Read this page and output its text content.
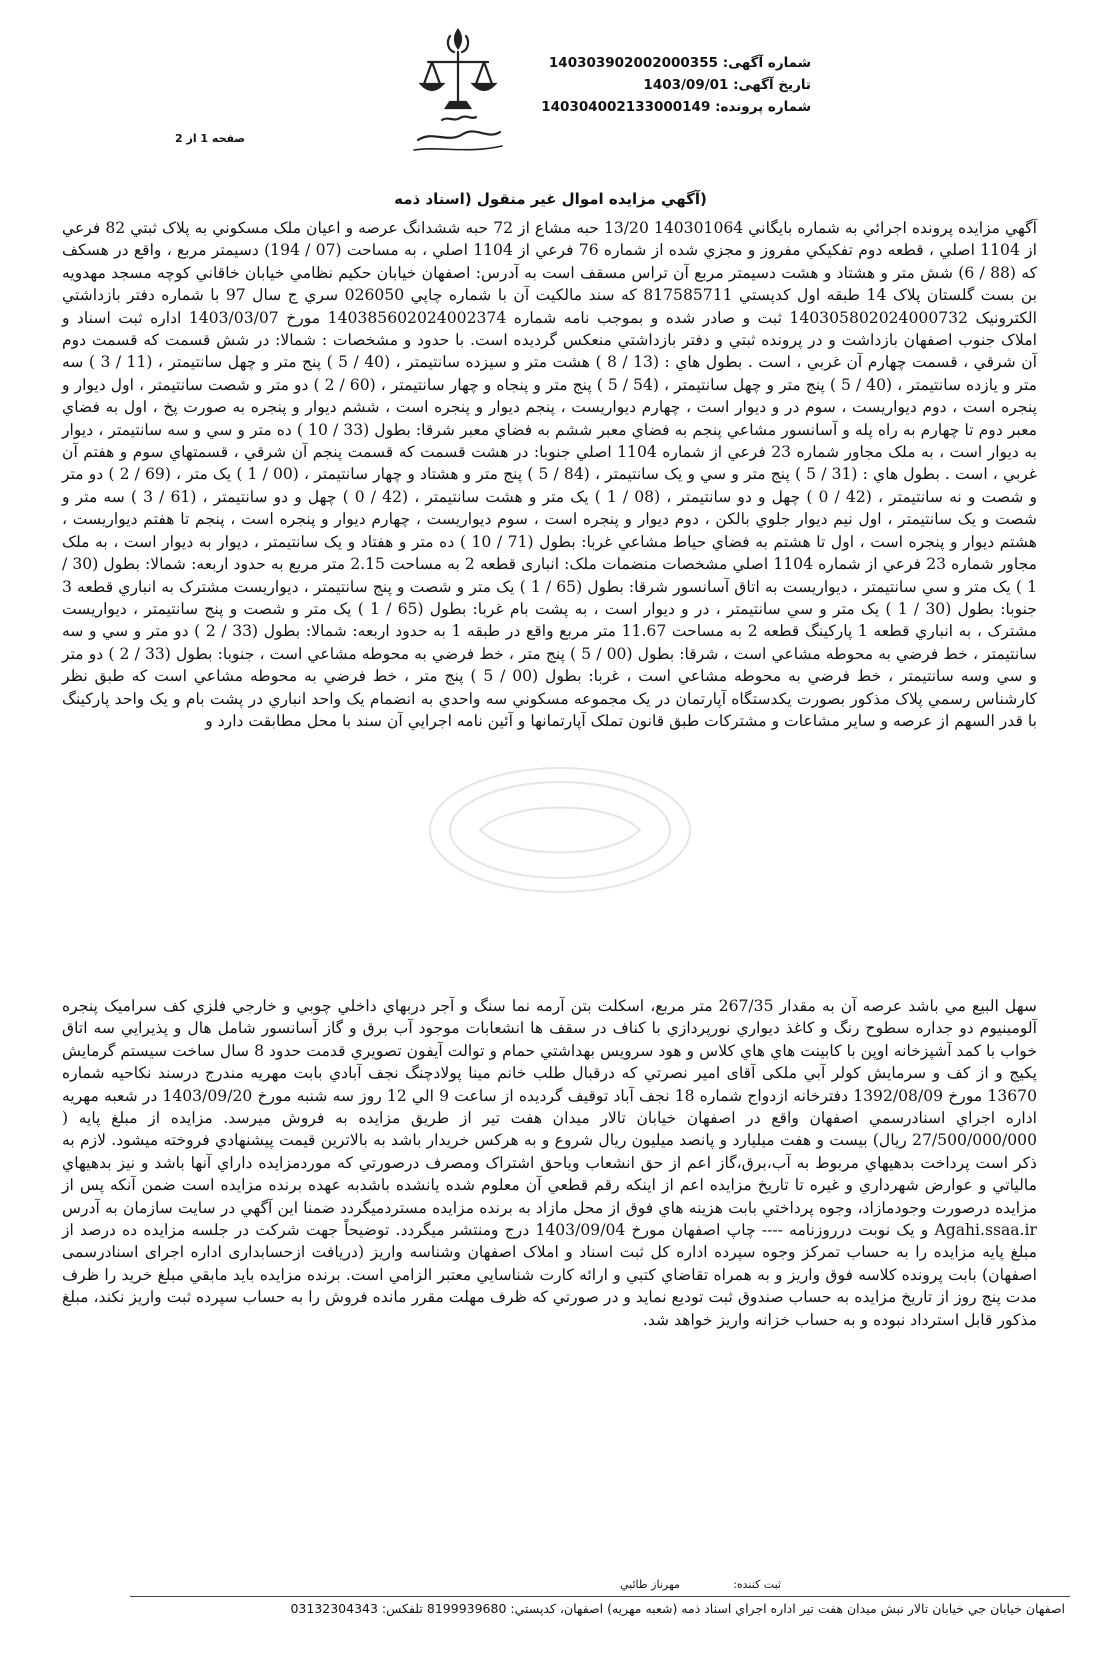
شماره آگهی: 140303902002000355
تاریخ آگهی: 1403/09/01
شماره پرونده: 140304002133000149
صفحه 1 از 2
(آگهي مزايده اموال غير منقول (اسناد ذمه
آگهي مزايده پرونده اجرائي به شماره بايگاني 140301064 13/20 حبه مشاع از 72 حبه ششدانگ عرصه و اعيان ملک مسکوني به پلاک ثبتي 82 فرعي از 1104 اصلي ، قطعه دوم تفکيکي مفروز و مجزي شده از شماره 76 فرعي از 1104 اصلي ، به مساحت (07 / 194) دسيمتر مربع ، واقع در هسکف که (88 / 6) شش متر و هشتاد و هشت دسيمتر مربع آن تراس مسقف است به آدرس: اصفهان خيابان حکيم نظامي خيابان خاقاني کوچه مسجد مهدويه بن بست گلستان پلاک 14 طبقه اول کدپستي 817585711 که سند مالکيت آن با شماره چاپي 026050 سري ج سال 97 با شماره دفتر بازداشتي الکترونيک 140305802024000732 ثبت و صادر شده و بموجب نامه شماره 140385602024002374 مورخ 1403/03/07 اداره ثبت اسناد و املاک جنوب اصفهان بازداشت و در پرونده ثبتي و دفتر بازداشتي منعکس گرديده است. با حدود و مشخصات : شمالا: در شش قسمت که قسمت دوم آن شرقي ، قسمت چهارم آن غربي ، است . بطول هاي : (13 / 8 ) هشت متر و سيزده سانتيمتر ، (40 / 5 ) پنج متر و چهل سانتيمتر ، (11 / 3 ) سه متر و يازده سانتيمتر ، (40 / 5 ) پنج متر و چهل سانتيمتر ، (54 / 5 ) پنج متر و پنجاه و چهار سانتيمتر ، (60 / 2 ) دو متر و شصت سانتيمتر ، اول ديوار و پنجره است ، دوم ديواريست ، سوم در و ديوار است ، چهارم ديواريست ، پنجم ديوار و پنجره است ، ششم ديوار و پنجره به صورت پخ ، اول به فضاي معبر دوم تا چهارم به راه پله و آسانسور مشاعي پنجم به فضاي معبر ششم به فضاي معبر شرقا: بطول (33 / 10 ) ده متر و سي و سه سانتيمتر ، ديوار به ديوار است ، به ملک مجاور شماره 23 فرعي از شماره 1104 اصلي جنوبا: در هشت قسمت که قسمت پنجم آن شرقي ، قسمتهاي سوم و هفتم آن غربي ، است . بطول هاي : (31 / 5 ) پنج متر و سي و يک سانتيمتر ، (84 / 5 ) پنج متر و هشتاد و چهار سانتيمتر ، (00 / 1 ) يک متر ، (69 / 2 ) دو متر و شصت و نه سانتيمتر ، (42 / 0 ) چهل و دو سانتيمتر ، (08 / 1 ) يک متر و هشت سانتيمتر ، (42 / 0 ) چهل و دو سانتيمتر ، (61 / 3 ) سه متر و شصت و يک سانتيمتر ، اول نيم ديوار جلوي بالکن ، دوم ديوار و پنجره است ، سوم ديواريست ، چهارم ديوار و پنجره است ، پنجم تا هفتم ديواريست ، هشتم ديوار و پنجره است ، اول تا هشتم به فضاي حياط مشاعي غربا: بطول (71 / 10 ) ده متر و هفتاد و يک سانتيمتر ، ديوار به ديوار است ، به ملک مجاور شماره 23 فرعي از شماره 1104 اصلي مشخصات منضمات ملک: انباری قطعه 2 به مساحت 2.15 متر مربع به حدود اربعه: شمالا: بطول (30 / 1 ) يک متر و سي سانتيمتر ، ديواريست به اتاق آسانسور شرقا: بطول (65 / 1 ) يک متر و شصت و پنج سانتيمتر ، ديواريست مشترک به انباري قطعه 3 جنوبا: بطول (30 / 1 ) يک متر و سي سانتيمتر ، در و ديوار است ، به پشت بام غربا: بطول (65 / 1 ) يک متر و شصت و پنج سانتيمتر ، ديواريست مشترک ، به انباري قطعه 1 پارکينگ قطعه 2 به مساحت 11.67 متر مربع واقع در طبقه 1 به حدود اربعه: شمالا: بطول (33 / 2 ) دو متر و سي و سه سانتيمتر ، خط فرضي به محوطه مشاعي است ، شرقا: بطول (00 / 5 ) پنج متر ، خط فرضي به محوطه مشاعي است ، جنوبا: بطول (33 / 2 ) دو متر و سي وسه سانتيمتر ، خط فرضي به محوطه مشاعي است ، غربا: بطول (00 / 5 ) پنج متر ، خط فرضي به محوطه مشاعي است که طبق نظر کارشناس رسمي پلاک مذکور بصورت يکدستگاه آپارتمان در يک مجموعه مسکوني سه واحدي به انضمام يک واحد انباري در پشت بام و يک واحد پارکينگ با قدر السهم از عرصه و ساير مشاعات و مشترکات طبق قانون تملک آپارتمانها و آئين نامه اجرايي آن سند با محل مطابقت دارد و
سهل البيع مي باشد عرصه آن به مقدار 267/35 متر مربع، اسکلت بتن آرمه نما سنگ و آجر دربهاي داخلي چوبي و خارجي فلزي کف سراميک پنجره آلومينيوم دو جداره سطوح رنگ و کاغذ ديواري نورپردازي با کناف در سقف ها انشعابات موجود آب برق و گاز آسانسور شامل هال و پذيرايي سه اتاق خواب با کمد آشپزخانه اوپن با کابينت هاي هاي کلاس و هود سرويس بهداشتي حمام و توالت آيفون تصويري قدمت حدود 8 سال ساخت سيستم گرمايش پکيج و از کف و سرمايش کولر آبي ملکی آقای امير نصرتي که درقبال طلب خانم مينا پولادچنگ نجف آبادي بابت مهريه مندرج درسند نکاحيه شماره 13670 مورخ 1392/08/09 دفترخانه ازدواج شماره 18 نجف آباد توقيف گرديده از ساعت 9 الي 12 روز سه شنبه مورخ 1403/09/20 در شعبه مهريه اداره اجراي اسنادرسمي اصفهان واقع در اصفهان خيابان تالار ميدان هفت تير از طريق مزايده به فروش ميرسد. مزايده از مبلغ پايه ( 27/500/000/000 ريال) بيست و هفت ميليارد و پانصد ميليون ريال شروع و به هرکس خريدار باشد به بالاترين قيمت پيشنهادي فروخته ميشود. لازم به ذکر است پرداخت بدهيهاي مربوط به آب،برق،گاز اعم از حق انشعاب وياحق اشتراک ومصرف درصورتي که موردمزايده داراي آنها باشد و نيز بدهيهاي مالياتي و عوارض شهرداري و غيره تا تاريخ مزايده اعم از اينکه رقم قطعي آن معلوم شده يانشده باشدبه عهده برنده مزايده است ضمن آنکه پس از مزايده درصورت وجودمازاد، وجوه پرداختي بابت هزينه هاي فوق از محل مازاد به برنده مزايده مستردميگردد ضمنا اين آگهي در سايت سازمان به آدرس Agahi.ssaa.ir و يک نوبت درروزنامه ---- چاپ اصفهان مورخ 1403/09/04 درج ومنتشر ميگردد. توضيحاً جهت شرکت در جلسه مزايده ده درصد از مبلغ پايه مزايده را به حساب تمرکز وجوه سپرده اداره کل ثبت اسناد و املاک اصفهان وشناسه واريز (دريافت ازحسابداری اداره اجرای اسنادرسمی اصفهان) بابت پرونده کلاسه فوق واريز و به همراه تقاضاي کتبي و ارائه کارت شناسايي معتبر الزامي است. برنده مزايده بايد مابقي مبلغ خريد را ظرف مدت پنج روز از تاريخ مزايده به حساب صندوق ثبت توديع نمايد و در صورتي که ظرف مهلت مقرر مانده فروش را به حساب سپرده ثبت واريز نکند، مبلغ مذکور قابل استرداد نبوده و به حساب خزانه واريز خواهد شد.
ثبت کننده:
مهرناز طائبي
اصفهان خيابان جي خيابان تالار نبش ميدان هفت تير اداره اجراي اسناد ذمه (شعبه مهريه) اصفهان، كدپستي: 8199939680 تلفكس: 03132304343
